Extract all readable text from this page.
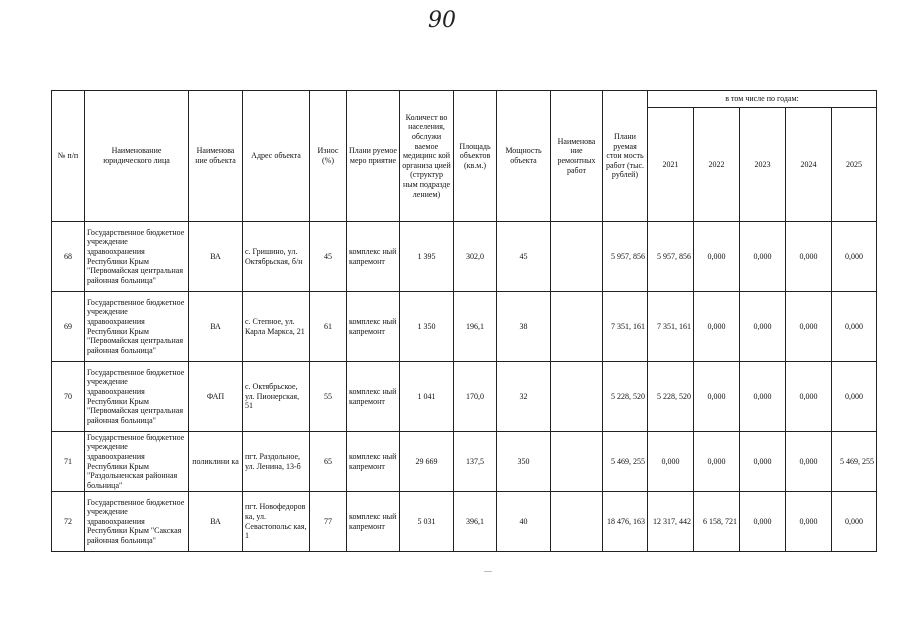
90
№ п/п	Наименование юридического лица	Наименова ние объекта	Адрес объекта	Износ (%)	Плани руемое меро приятие	Количест во населения, обслужи ваемое медицинс кой организа цией (структур ным подразде лением)	Площадь объектов (кв.м.)	Мощность объекта	Наименова ние ремонтных работ	Плани руемая стои мость работ (тыс. рублей)	в том числе по годам:				
											2021	2022	2023	2024	2025
68	Государственное бюджетное учреждение здравоохранения Республики Крым "Первомайская центральная районная больница"	ВА	с. Гришино, ул. Октябрьская, б/н	45	комплекс ный капремонт	1 395	302,0	45		5 957, 856	5 957, 856	0,000	0,000	0,000	0,000
69	Государственное бюджетное учреждение здравоохранения Республики Крым "Первомайская центральная районная больница"	ВА	с. Степное, ул. Карла Маркса, 21	61	комплекс ный капремонт	1 350	196,1	38		7 351, 161	7 351, 161	0,000	0,000	0,000	0,000
70	Государственное бюджетное учреждение здравоохранения Республики Крым "Первомайская центральная районная больница"	ФАП	с. Октябрьское, ул. Пионерская, 51	55	комплекс ный капремонт	1 041	170,0	32		5 228, 520	5 228, 520	0,000	0,000	0,000	0,000
71	Государственное бюджетное учреждение здравоохранения Республики Крым "Раздольненская районная больница"	поликлини ка	пгт. Раздольное, ул. Ленина, 13-б	65	комплекс ный капремонт	29 669	137,5	350		5 469, 255	0,000	0,000	0,000	0,000	5 469, 255
72	Государственное бюджетное учреждение здравоохранения Республики Крым "Сакская районная больница"	ВА	пгт. Новофедоров ка, ул. Севастопольс кая, 1	77	комплекс ный капремонт	5 031	396,1	40		18 476, 163	12 317, 442	6 158, 721	0,000	0,000	0,000
